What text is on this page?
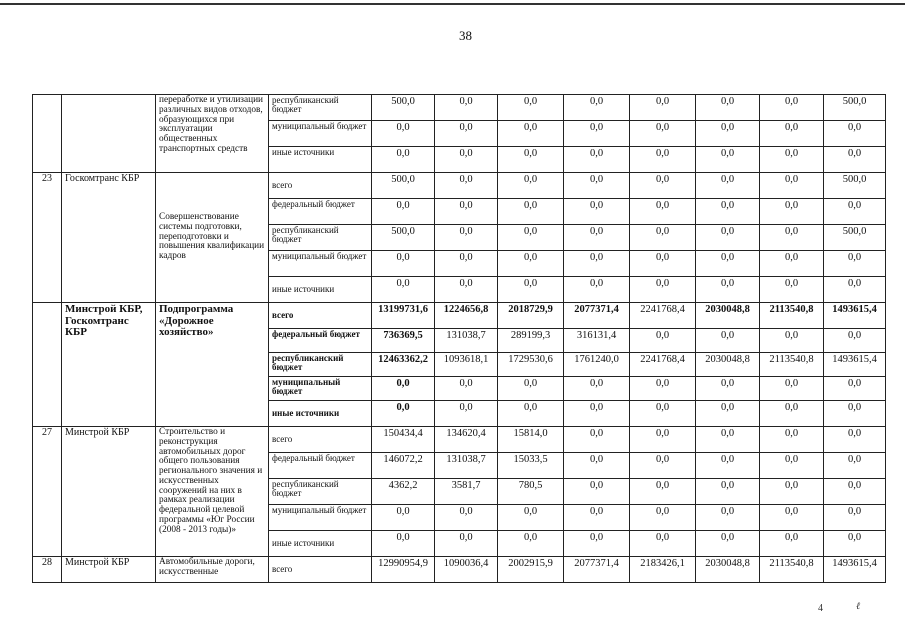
38
		переработке и утилизации различных видов отходов, образующихся при эксплуатации общественных транспортных средств	республиканский бюджет	500,0	0,0	0,0	0,0	0,0	0,0	0,0	500,0
			муниципальный бюджет	0,0	0,0	0,0	0,0	0,0	0,0	0,0	0,0
			иные источники	0,0	0,0	0,0	0,0	0,0	0,0	0,0	0,0
23	Госкомтранс КБР	Совершенствование системы подготовки, переподготовки и повышения квалификации кадров	всего	500,0	0,0	0,0	0,0	0,0	0,0	0,0	500,0
			федеральный бюджет	0,0	0,0	0,0	0,0	0,0	0,0	0,0	0,0
			республиканский бюджет	500,0	0,0	0,0	0,0	0,0	0,0	0,0	500,0
			муниципальный бюджет	0,0	0,0	0,0	0,0	0,0	0,0	0,0	0,0
			иные источники	0,0	0,0	0,0	0,0	0,0	0,0	0,0	0,0
	Минстрой КБР, Госкомтранс КБР	Подпрограмма «Дорожное хозяйство»	всего	13199731,6	1224656,8	2018729,9	2077371,4	2241768,4	2030048,8	2113540,8	1493615,4
			федеральный бюджет	736369,5	131038,7	289199,3	316131,4	0,0	0,0	0,0	0,0
			республиканский бюджет	12463362,2	1093618,1	1729530,6	1761240,0	2241768,4	2030048,8	2113540,8	1493615,4
			муниципальный бюджет	0,0	0,0	0,0	0,0	0,0	0,0	0,0	0,0
			иные источники	0,0	0,0	0,0	0,0	0,0	0,0	0,0	0,0
27	Минстрой КБР	Строительство и реконструкция автомобильных дорог общего пользования регионального значения и искусственных сооружений на них в рамках реализации федеральной целевой программы «Юг России (2008 - 2013 годы)»	всего	150434,4	134620,4	15814,0	0,0	0,0	0,0	0,0	0,0
			федеральный бюджет	146072,2	131038,7	15033,5	0,0	0,0	0,0	0,0	0,0
			республиканский бюджет	4362,2	3581,7	780,5	0,0	0,0	0,0	0,0	0,0
			муниципальный бюджет	0,0	0,0	0,0	0,0	0,0	0,0	0,0	0,0
			иные источники	0,0	0,0	0,0	0,0	0,0	0,0	0,0	0,0
28	Минстрой КБР	Автомобильные дороги, искусственные	всего	12990954,9	1090036,4	2002915,9	2077371,4	2183426,1	2030048,8	2113540,8	1493615,4
4	ℓ
